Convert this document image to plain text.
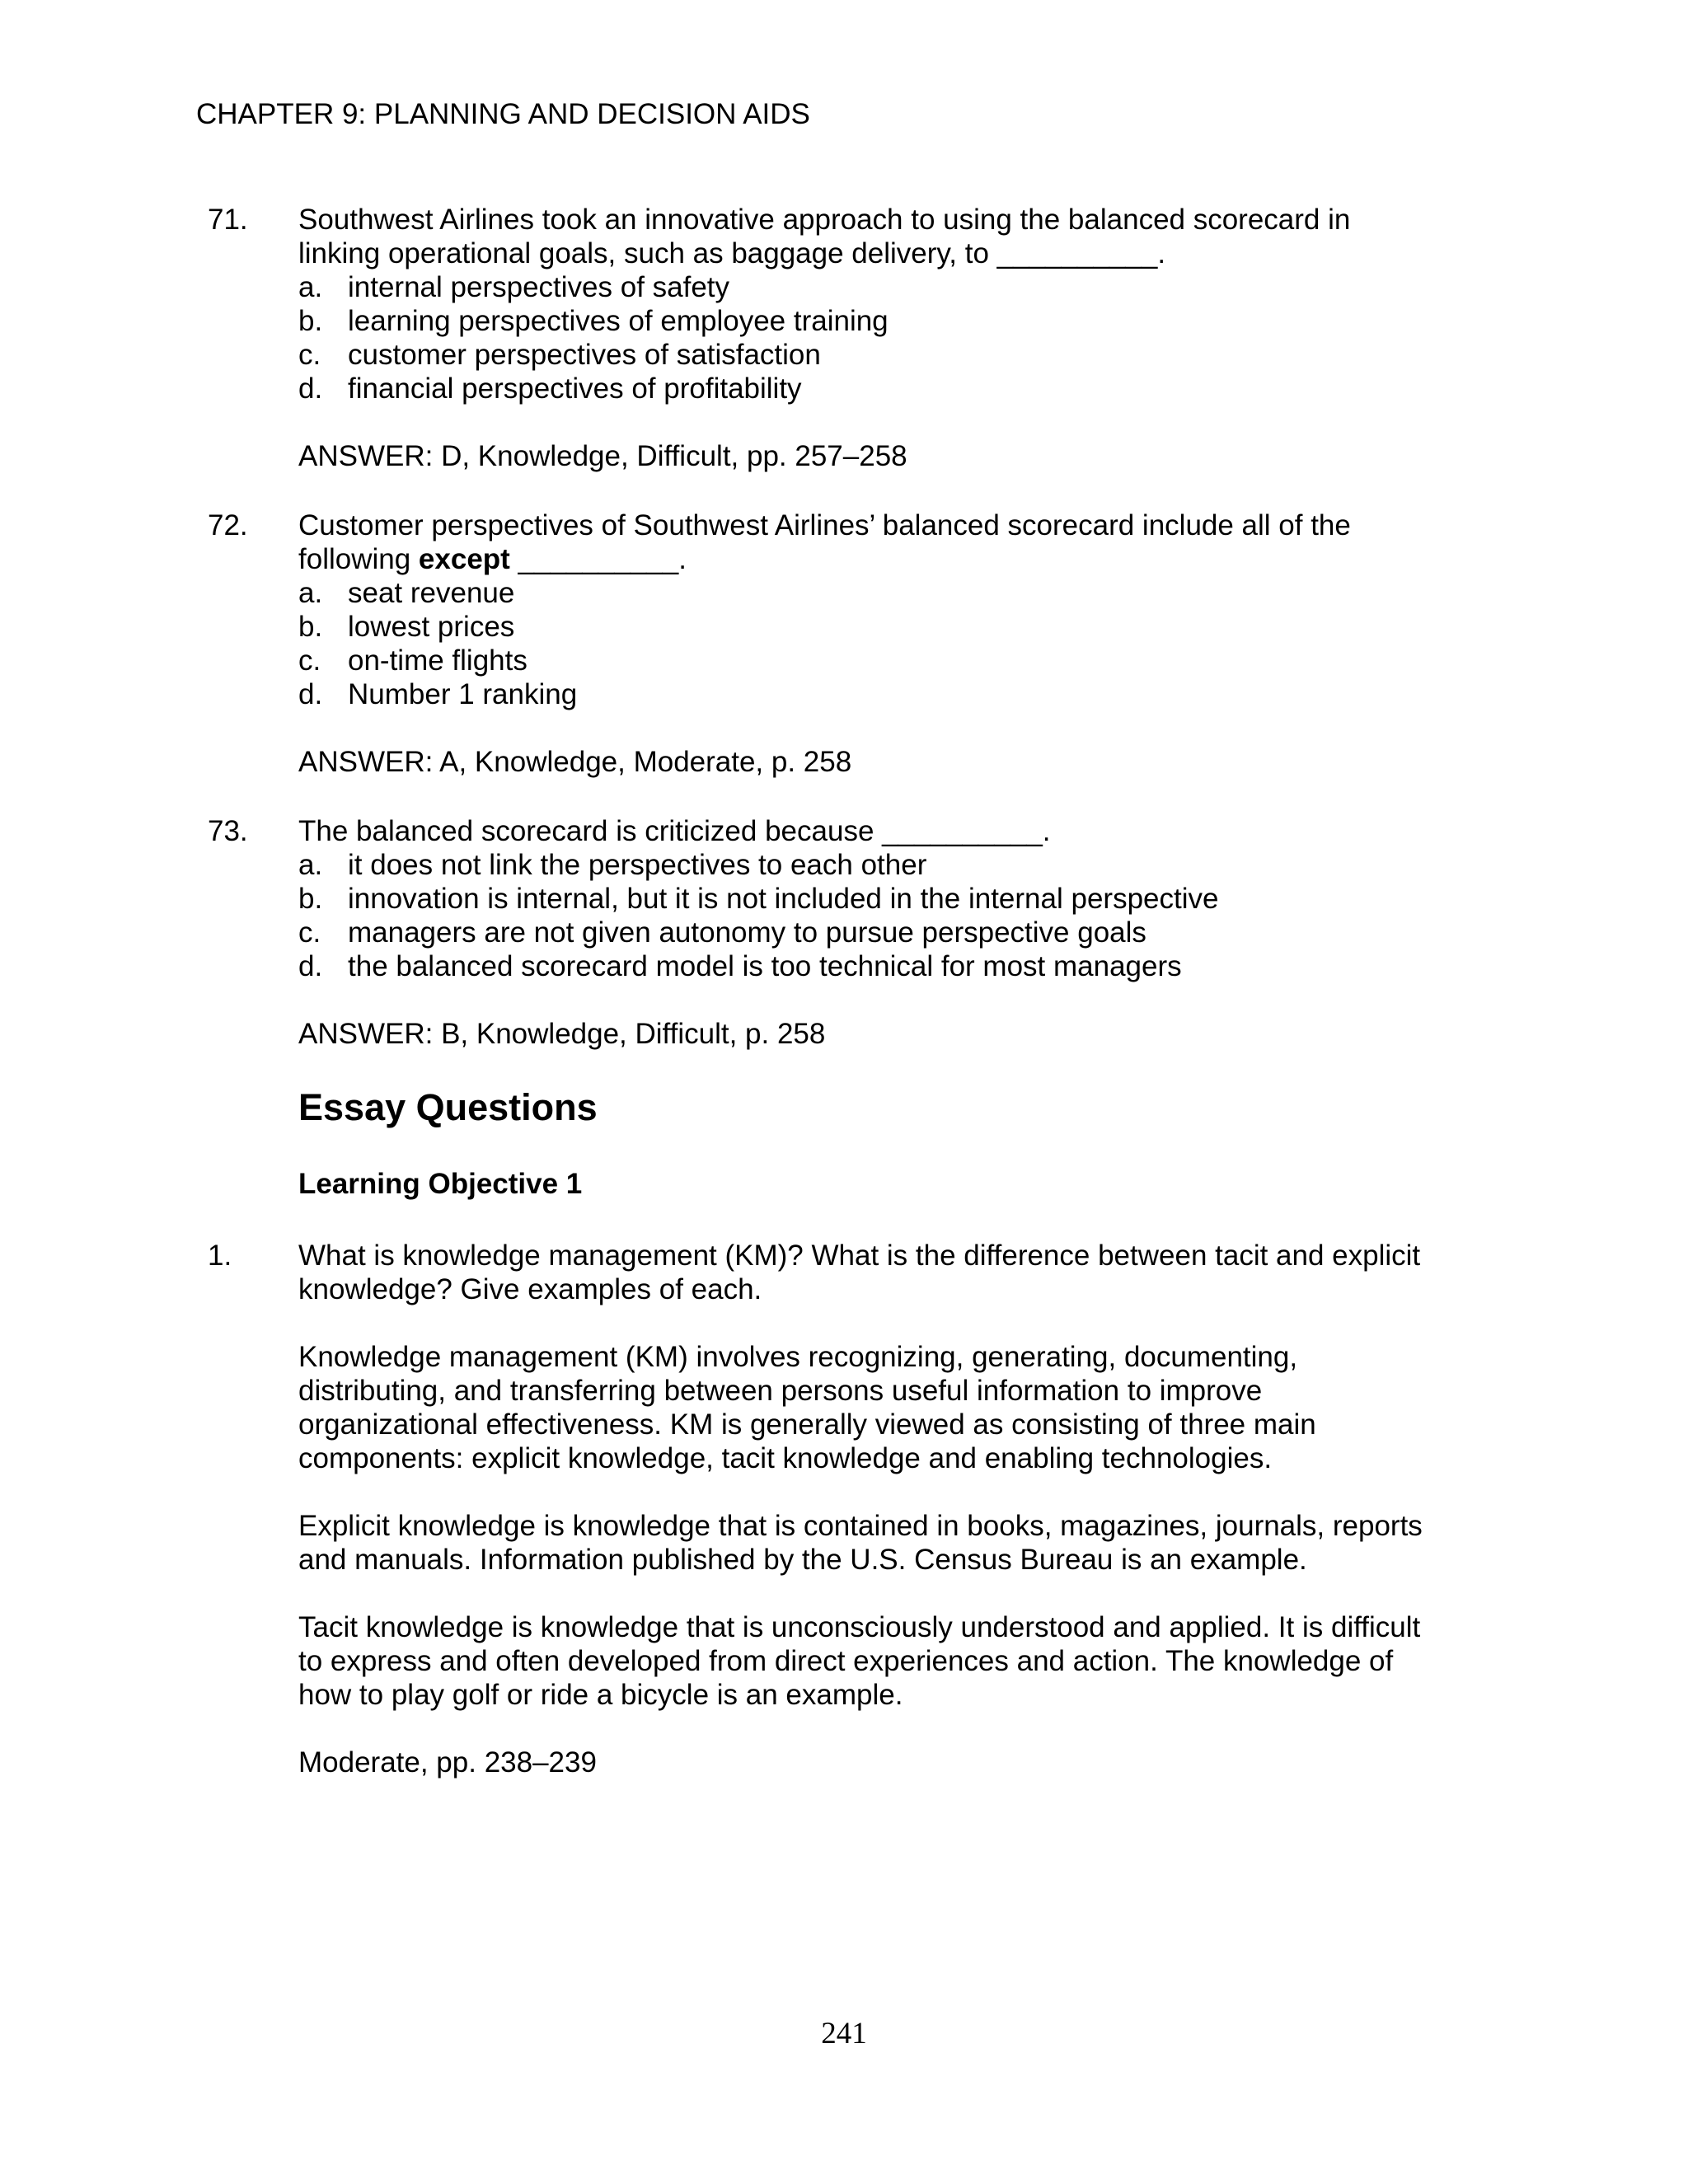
CHAPTER 9: PLANNING AND DECISION AIDS
71.	Southwest Airlines took an innovative approach to using the balanced scorecard in
linking operational goals, such as baggage delivery, to __________.
a. internal perspectives of safety
b. learning perspectives of employee training
c. customer perspectives of satisfaction
d. financial perspectives of profitability
ANSWER: D, Knowledge, Difficult, pp. 257–258
72.	Customer perspectives of Southwest Airlines’ balanced scorecard include all of the
following except __________.
a. seat revenue
b. lowest prices
c. on-time flights
d. Number 1 ranking
ANSWER: A, Knowledge, Moderate, p. 258
73.	The balanced scorecard is criticized because __________.
a. it does not link the perspectives to each other
b. innovation is internal, but it is not included in the internal perspective
c. managers are not given autonomy to pursue perspective goals
d. the balanced scorecard model is too technical for most managers
ANSWER: B, Knowledge, Difficult, p. 258
Essay Questions
Learning Objective 1
1.	What is knowledge management (KM)? What is the difference between tacit and explicit
knowledge? Give examples of each.
Knowledge management (KM) involves recognizing, generating, documenting,
distributing, and transferring between persons useful information to improve
organizational effectiveness. KM is generally viewed as consisting of three main
components: explicit knowledge, tacit knowledge and enabling technologies.
Explicit knowledge is knowledge that is contained in books, magazines, journals, reports
and manuals. Information published by the U.S. Census Bureau is an example.
Tacit knowledge is knowledge that is unconsciously understood and applied. It is difficult
to express and often developed from direct experiences and action. The knowledge of
how to play golf or ride a bicycle is an example.
Moderate, pp. 238–239
241
